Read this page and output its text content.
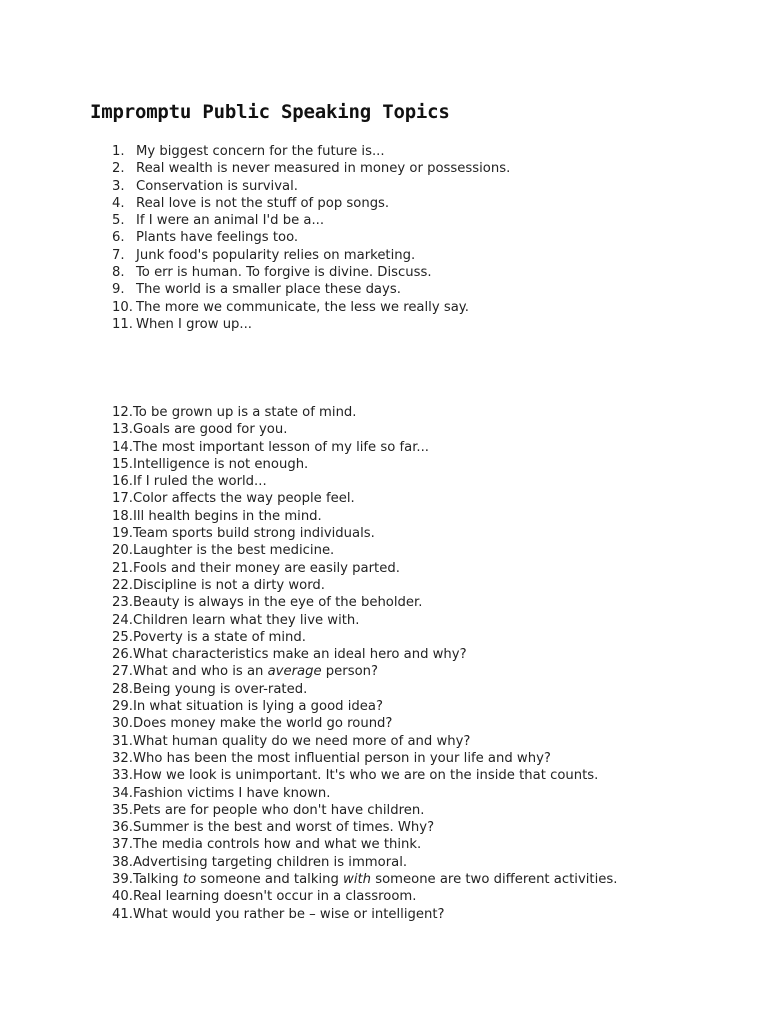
Impromptu Public Speaking Topics
1. My biggest concern for the future is...
2. Real wealth is never measured in money or possessions.
3. Conservation is survival.
4. Real love is not the stuff of pop songs.
5. If I were an animal I'd be a...
6. Plants have feelings too.
7. Junk food's popularity relies on marketing.
8. To err is human. To forgive is divine. Discuss.
9. The world is a smaller place these days.
10. The more we communicate, the less we really say.
11. When I grow up...
12. To be grown up is a state of mind.
13. Goals are good for you.
14. The most important lesson of my life so far...
15. Intelligence is not enough.
16. If I ruled the world...
17. Color affects the way people feel.
18. Ill health begins in the mind.
19. Team sports build strong individuals.
20. Laughter is the best medicine.
21. Fools and their money are easily parted.
22. Discipline is not a dirty word.
23. Beauty is always in the eye of the beholder.
24. Children learn what they live with.
25. Poverty is a state of mind.
26. What characteristics make an ideal hero and why?
27. What and who is an average person?
28. Being young is over-rated.
29. In what situation is lying a good idea?
30. Does money make the world go round?
31. What human quality do we need more of and why?
32. Who has been the most influential person in your life and why?
33. How we look is unimportant. It's who we are on the inside that counts.
34. Fashion victims I have known.
35. Pets are for people who don't have children.
36. Summer is the best and worst of times. Why?
37. The media controls how and what we think.
38. Advertising targeting children is immoral.
39. Talking to someone and talking with someone are two different activities.
40. Real learning doesn't occur in a classroom.
41. What would you rather be – wise or intelligent?
